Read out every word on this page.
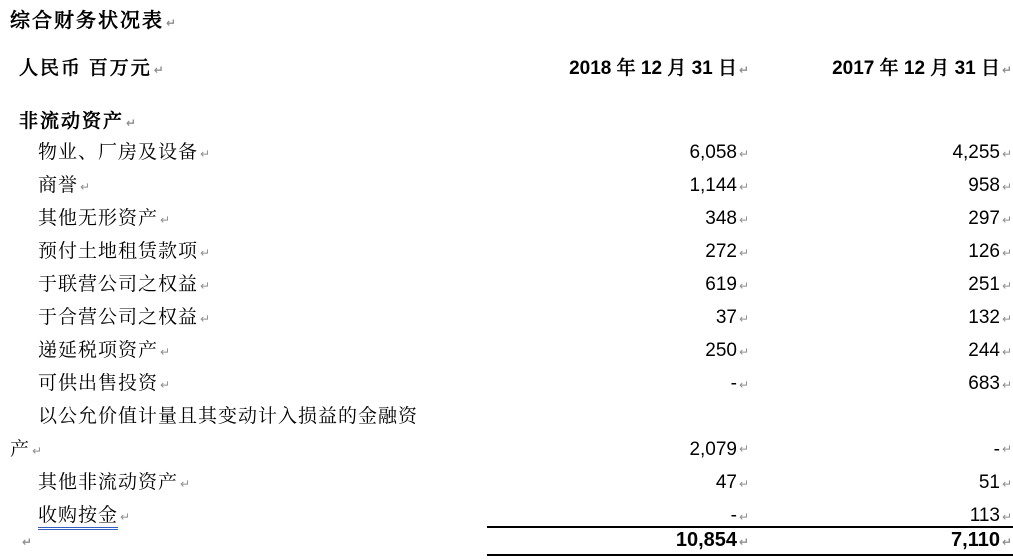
综合财务状况表 ↵
人民币 百万元 ↵	2018 年 12 月 31 日 ↵	2017 年 12 月 31 日 ↵
非流动资产 ↵
物业、厂房及设备 ↵	6,058 ↵	4,255 ↵
商誉 ↵	1,144 ↵	958 ↵
其他无形资产 ↵	348 ↵	297 ↵
预付土地租赁款项 ↵	272 ↵	126 ↵
于联营公司之权益 ↵	619 ↵	251 ↵
于合营公司之权益 ↵	37 ↵	132 ↵
递延税项资产 ↵	250 ↵	244 ↵
可供出售投资 ↵	- ↵	683 ↵
以公允价值计量且其变动计入损益的金融资
产 ↵	2,079 ↵	- ↵
其他非流动资产 ↵	47 ↵	51 ↵
收购按金 ↵	- ↵	113 ↵
↵	10,854 ↵	7,110 ↵
